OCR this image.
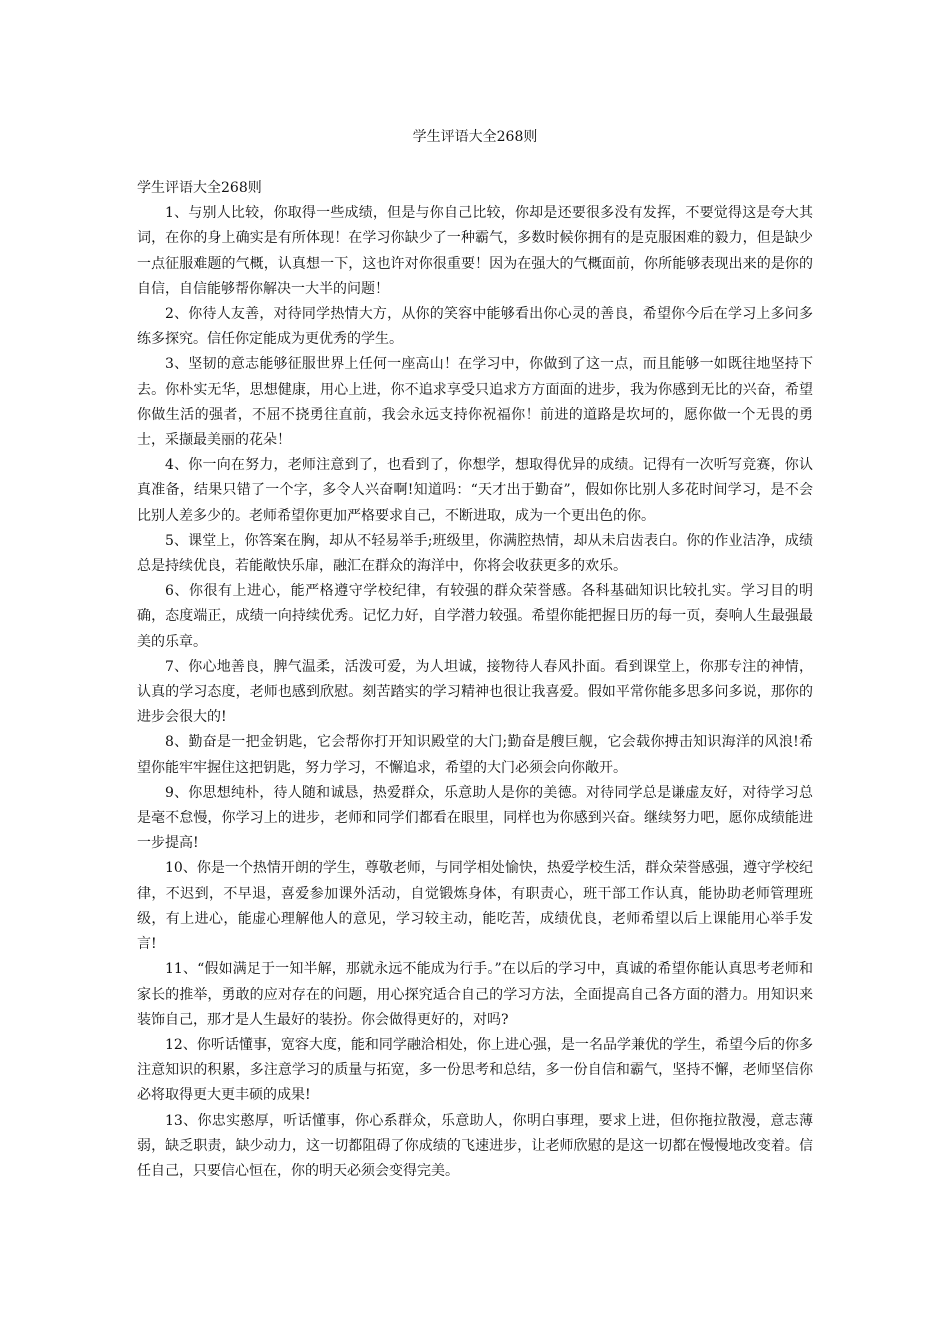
学生评语大全268则

学生评语大全268则

1、与别人比较，你取得一些成绩，但是与你自己比较，你却是还要很多没有发挥，不要觉得这是夸大其词，在你的身上确实是有所体现！在学习你缺少了一种霸气，多数时候你拥有的是克服困难的毅力，但是缺少一点征服难题的气概，认真想一下，这也许对你很重要！因为在强大的气概面前，你所能够表现出来的是你的自信，自信能够帮你解决一大半的问题！

2、你待人友善，对待同学热情大方，从你的笑容中能够看出你心灵的善良，希望你今后在学习上多问多练多探究。信任你定能成为更优秀的学生。

3、坚韧的意志能够征服世界上任何一座高山！在学习中，你做到了这一点，而且能够一如既往地坚持下去。你朴实无华，思想健康，用心上进，你不追求享受只追求方方面面的进步，我为你感到无比的兴奋，希望你做生活的强者，不屈不挠勇往直前，我会永远支持你祝福你！前进的道路是坎坷的，愿你做一个无畏的勇士，采撷最美丽的花朵！

4、你一向在努力，老师注意到了，也看到了，你想学，想取得优异的成绩。记得有一次听写竞赛，你认真准备，结果只错了一个字，多令人兴奋啊!知道吗：“天才出于勤奋”，假如你比别人多花时间学习，是不会比别人差多少的。老师希望你更加严格要求自己，不断进取，成为一个更出色的你。

5、课堂上，你答案在胸，却从不轻易举手;班级里，你满腔热情，却从未启齿表白。你的作业洁净，成绩总是持续优良，若能敞快乐扉，融汇在群众的海洋中，你将会收获更多的欢乐。

6、你很有上进心，能严格遵守学校纪律，有较强的群众荣誉感。各科基础知识比较扎实。学习目的明确，态度端正，成绩一向持续优秀。记忆力好，自学潜力较强。希望你能把握日历的每一页，奏响人生最强最美的乐章。

7、你心地善良，脾气温柔，活泼可爱，为人坦诚，接物待人春风扑面。看到课堂上，你那专注的神情，认真的学习态度，老师也感到欣慰。刻苦踏实的学习精神也很让我喜爱。假如平常你能多思多问多说，那你的进步会很大的!

8、勤奋是一把金钥匙，它会帮你打开知识殿堂的大门;勤奋是艘巨舰，它会载你搏击知识海洋的风浪!希望你能牢牢握住这把钥匙，努力学习，不懈追求，希望的大门必须会向你敞开。

9、你思想纯朴，待人随和诚恳，热爱群众，乐意助人是你的美德。对待同学总是谦虚友好，对待学习总是毫不怠慢，你学习上的进步，老师和同学们都看在眼里，同样也为你感到兴奋。继续努力吧，愿你成绩能进一步提高!

10、你是一个热情开朗的学生，尊敬老师，与同学相处愉快，热爱学校生活，群众荣誉感强，遵守学校纪律，不迟到，不早退，喜爱参加课外活动，自觉锻炼身体，有职责心，班干部工作认真，能协助老师管理班级，有上进心，能虚心理解他人的意见，学习较主动，能吃苦，成绩优良，老师希望以后上课能用心举手发言!

11、“假如满足于一知半解，那就永远不能成为行手。”在以后的学习中，真诚的希望你能认真思考老师和家长的推举，勇敢的应对存在的问题，用心探究适合自己的学习方法，全面提高自己各方面的潜力。用知识来装饰自己，那才是人生最好的装扮。你会做得更好的，对吗?

12、你听话懂事，宽容大度，能和同学融洽相处，你上进心强，是一名品学兼优的学生，希望今后的你多注意知识的积累，多注意学习的质量与拓宽，多一份思考和总结，多一份自信和霸气，坚持不懈，老师坚信你必将取得更大更丰硕的成果!

13、你忠实憨厚，听话懂事，你心系群众，乐意助人，你明白事理，要求上进，但你拖拉散漫，意志薄弱，缺乏职责，缺少动力，这一切都阻碍了你成绩的飞速进步，让老师欣慰的是这一切都在慢慢地改变着。信任自己，只要信心恒在，你的明天必须会变得完美。
